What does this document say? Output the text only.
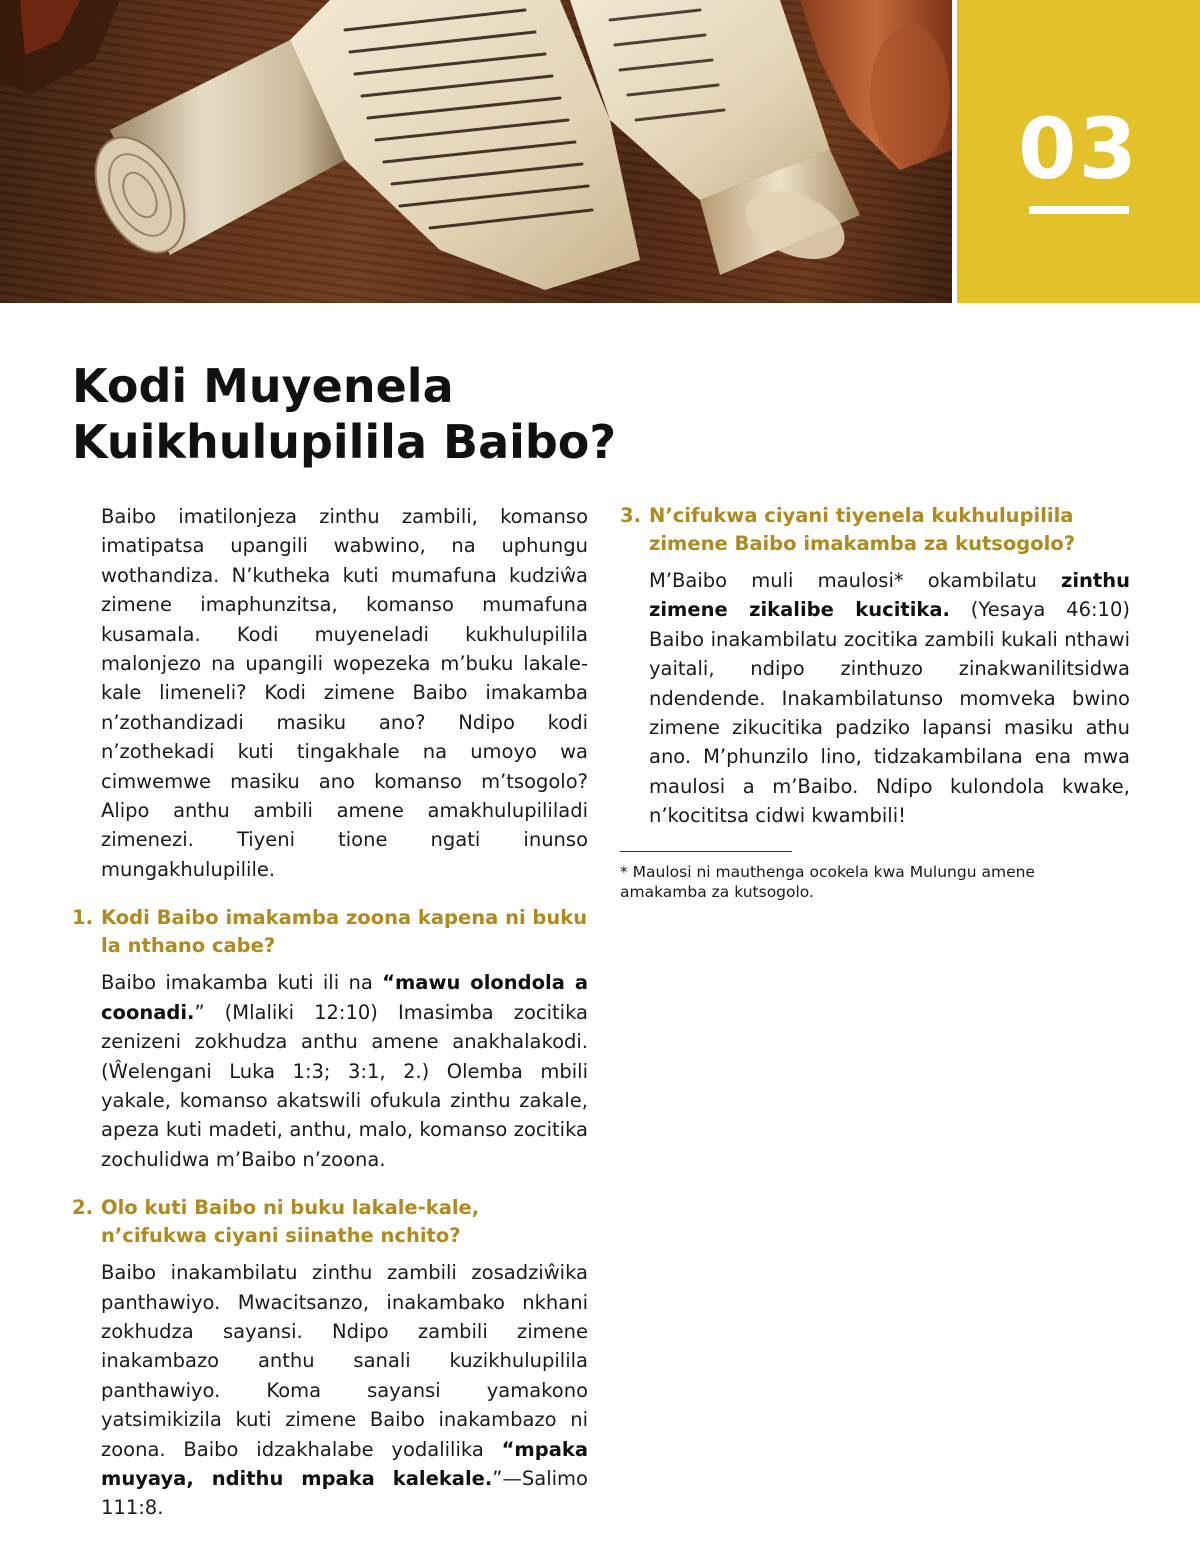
03
Kodi Muyenela
Kuikhulupilila Baibo?

Baibo imatilonjeza zinthu zambili, komanso imatipatsa upangili wabwino, na uphungu wothandiza. N’kutheka kuti mumafuna kudziŵa zimene imaphunzitsa, komanso mumafuna kusamala. Kodi muyeneladi kukhulupilila malonjezo na upangili wopezeka m’buku lakale-kale limeneli? Kodi zimene Baibo imakamba n’zothandizadi masiku ano? Ndipo kodi n’zothekadi kuti tingakhale na umoyo wa cimwemwe masiku ano komanso m’tsogolo? Alipo anthu ambili amene amakhulupililadi zimenezi. Tiyeni tione ngati inunso mungakhulupilile.

1. Kodi Baibo imakamba zoona kapena ni buku la nthano cabe?

Baibo imakamba kuti ili na “mawu olondola a coonadi.” (Mlaliki 12:10) Imasimba zocitika zenizeni zokhudza anthu amene anakhalakodi. (Ŵelengani Luka 1:3; 3:1, 2.) Olemba mbili yakale, komanso akatswili ofukula zinthu zakale, apeza kuti madeti, anthu, malo, komanso zocitika zochulidwa m’Baibo n’zoona.

2. Olo kuti Baibo ni buku lakale-kale, n’cifukwa ciyani siinathe nchito?

Baibo inakambilatu zinthu zambili zosadziŵika panthawiyo. Mwacitsanzo, inakambako nkhani zokhudza sayansi. Ndipo zambili zimene inakambazo anthu sanali kuzikhulupilila panthawiyo. Koma sayansi yamakono yatsimikizila kuti zimene Baibo inakambazo ni zoona. Baibo idzakhalabe yodalilika “mpaka muyaya, ndithu mpaka kalekale.”—Salimo 111:8.

3. N’cifukwa ciyani tiyenela kukhulupilila zimene Baibo imakamba za kutsogolo?

M’Baibo muli maulosi* okambilatu zinthu zimene zikalibe kucitika. (Yesaya 46:10) Baibo inakambilatu zocitika zambili kukali nthawi yaitali, ndipo zinthuzo zinakwanilitsidwa ndendende. Inakambilatunso momveka bwino zimene zikucitika padziko lapansi masiku athu ano. M’phunzilo lino, tidzakambilana ena mwa maulosi a m’Baibo. Ndipo kulondola kwake, n’kocititsa cidwi kwambili!

* Maulosi ni mauthenga ocokela kwa Mulungu amene amakamba za kutsogolo.
